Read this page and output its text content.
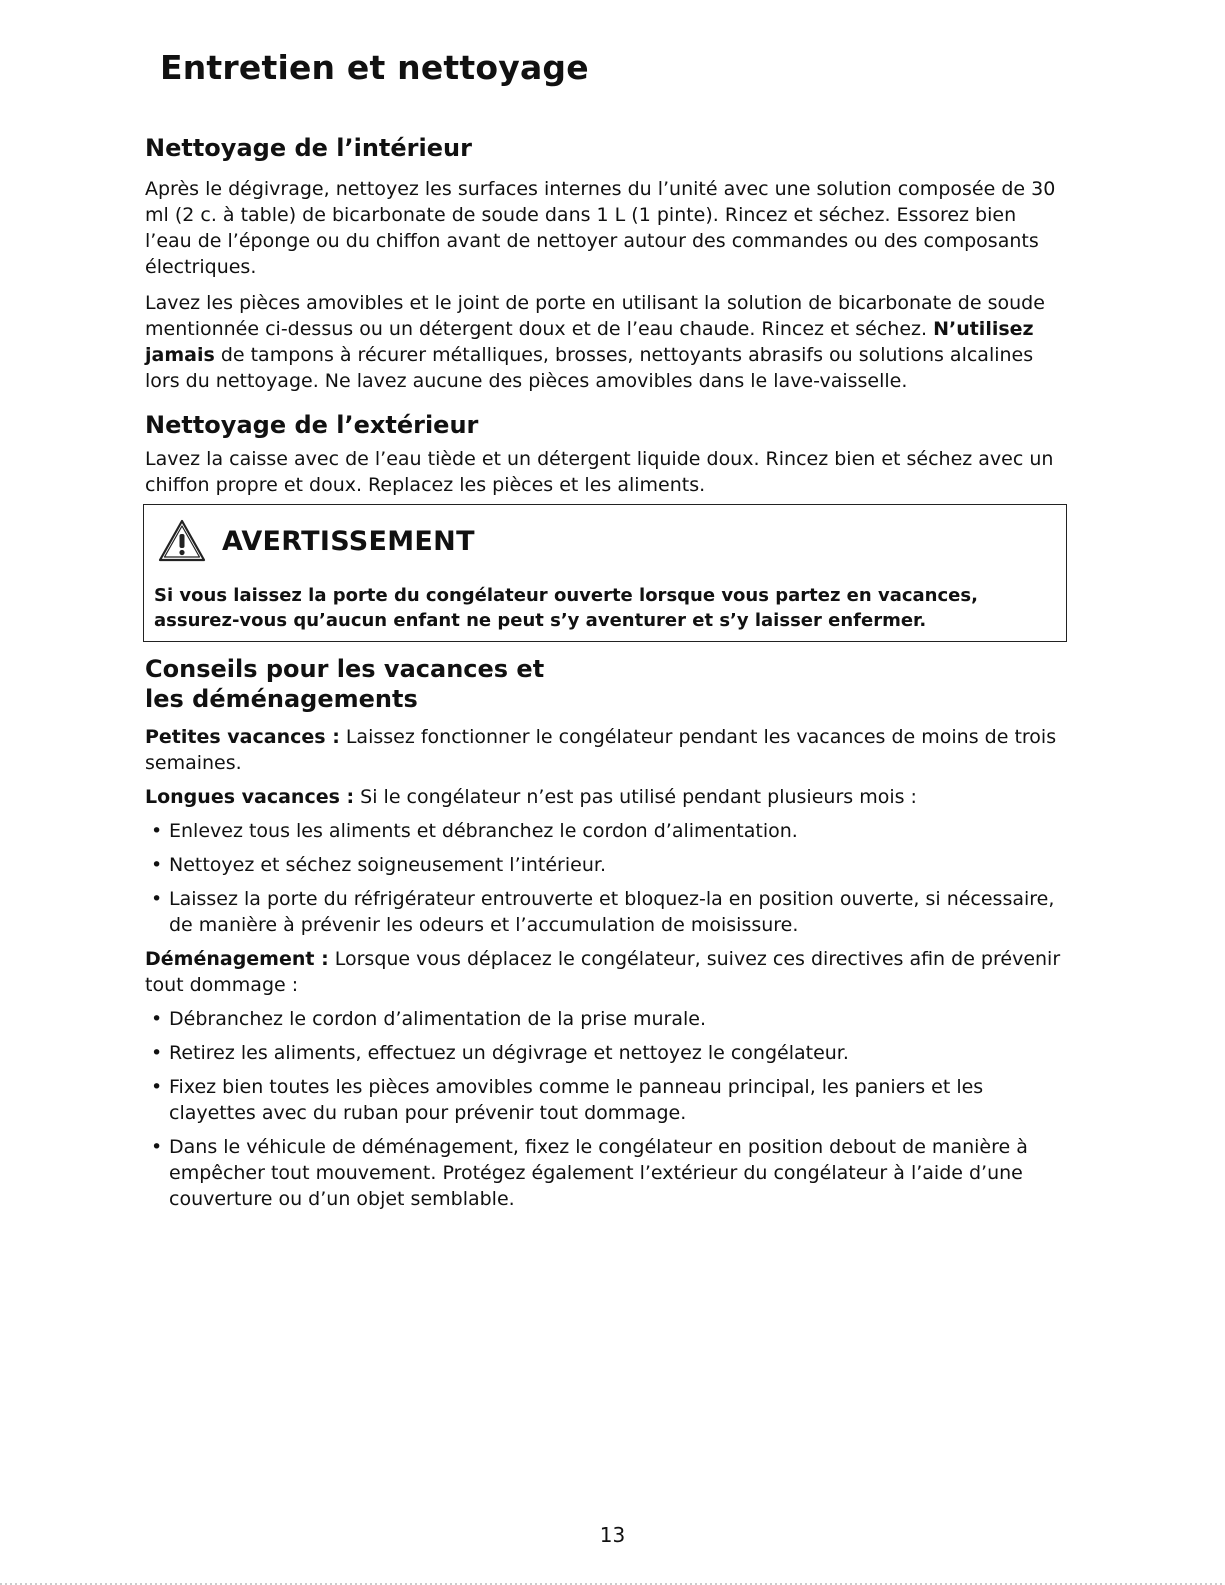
Entretien et nettoyage
Nettoyage de l’intérieur

Après le dégivrage, nettoyez les surfaces internes du l’unité avec une solution composée de 30 ml (2 c. à table) de bicarbonate de soude dans 1 L (1 pinte). Rincez et séchez. Essorez bien l’eau de l’éponge ou du chiffon avant de nettoyer autour des commandes ou des composants électriques.

Lavez les pièces amovibles et le joint de porte en utilisant la solution de bicarbonate de soude mentionnée ci-dessus ou un détergent doux et de l’eau chaude. Rincez et séchez. N’utilisez jamais de tampons à récurer métalliques, brosses, nettoyants abrasifs ou solutions alcalines lors du nettoyage. Ne lavez aucune des pièces amovibles dans le lave-vaisselle.

Nettoyage de l’extérieur

Lavez la caisse avec de l’eau tiède et un détergent liquide doux. Rincez bien et séchez avec un chiffon propre et doux. Replacez les pièces et les aliments.

AVERTISSEMENT

Si vous laissez la porte du congélateur ouverte lorsque vous partez en vacances, assurez-vous qu’aucun enfant ne peut s’y aventurer et s’y laisser enfermer.

Conseils pour les vacances et
les déménagements

Petites vacances : Laissez fonctionner le congélateur pendant les vacances de moins de trois semaines.

Longues vacances : Si le congélateur n’est pas utilisé pendant plusieurs mois :

• Enlevez tous les aliments et débranchez le cordon d’alimentation.
• Nettoyez et séchez soigneusement l’intérieur.
• Laissez la porte du réfrigérateur entrouverte et bloquez-la en position ouverte, si nécessaire, de manière à prévenir les odeurs et l’accumulation de moisissure.

Déménagement : Lorsque vous déplacez le congélateur, suivez ces directives afin de prévenir tout dommage :

• Débranchez le cordon d’alimentation de la prise murale.
• Retirez les aliments, effectuez un dégivrage et nettoyez le congélateur.
• Fixez bien toutes les pièces amovibles comme le panneau principal, les paniers et les clayettes avec du ruban pour prévenir tout dommage.
• Dans le véhicule de déménagement, fixez le congélateur en position debout de manière à empêcher tout mouvement. Protégez également l’extérieur du congélateur à l’aide d’une couverture ou d’un objet semblable.
13
